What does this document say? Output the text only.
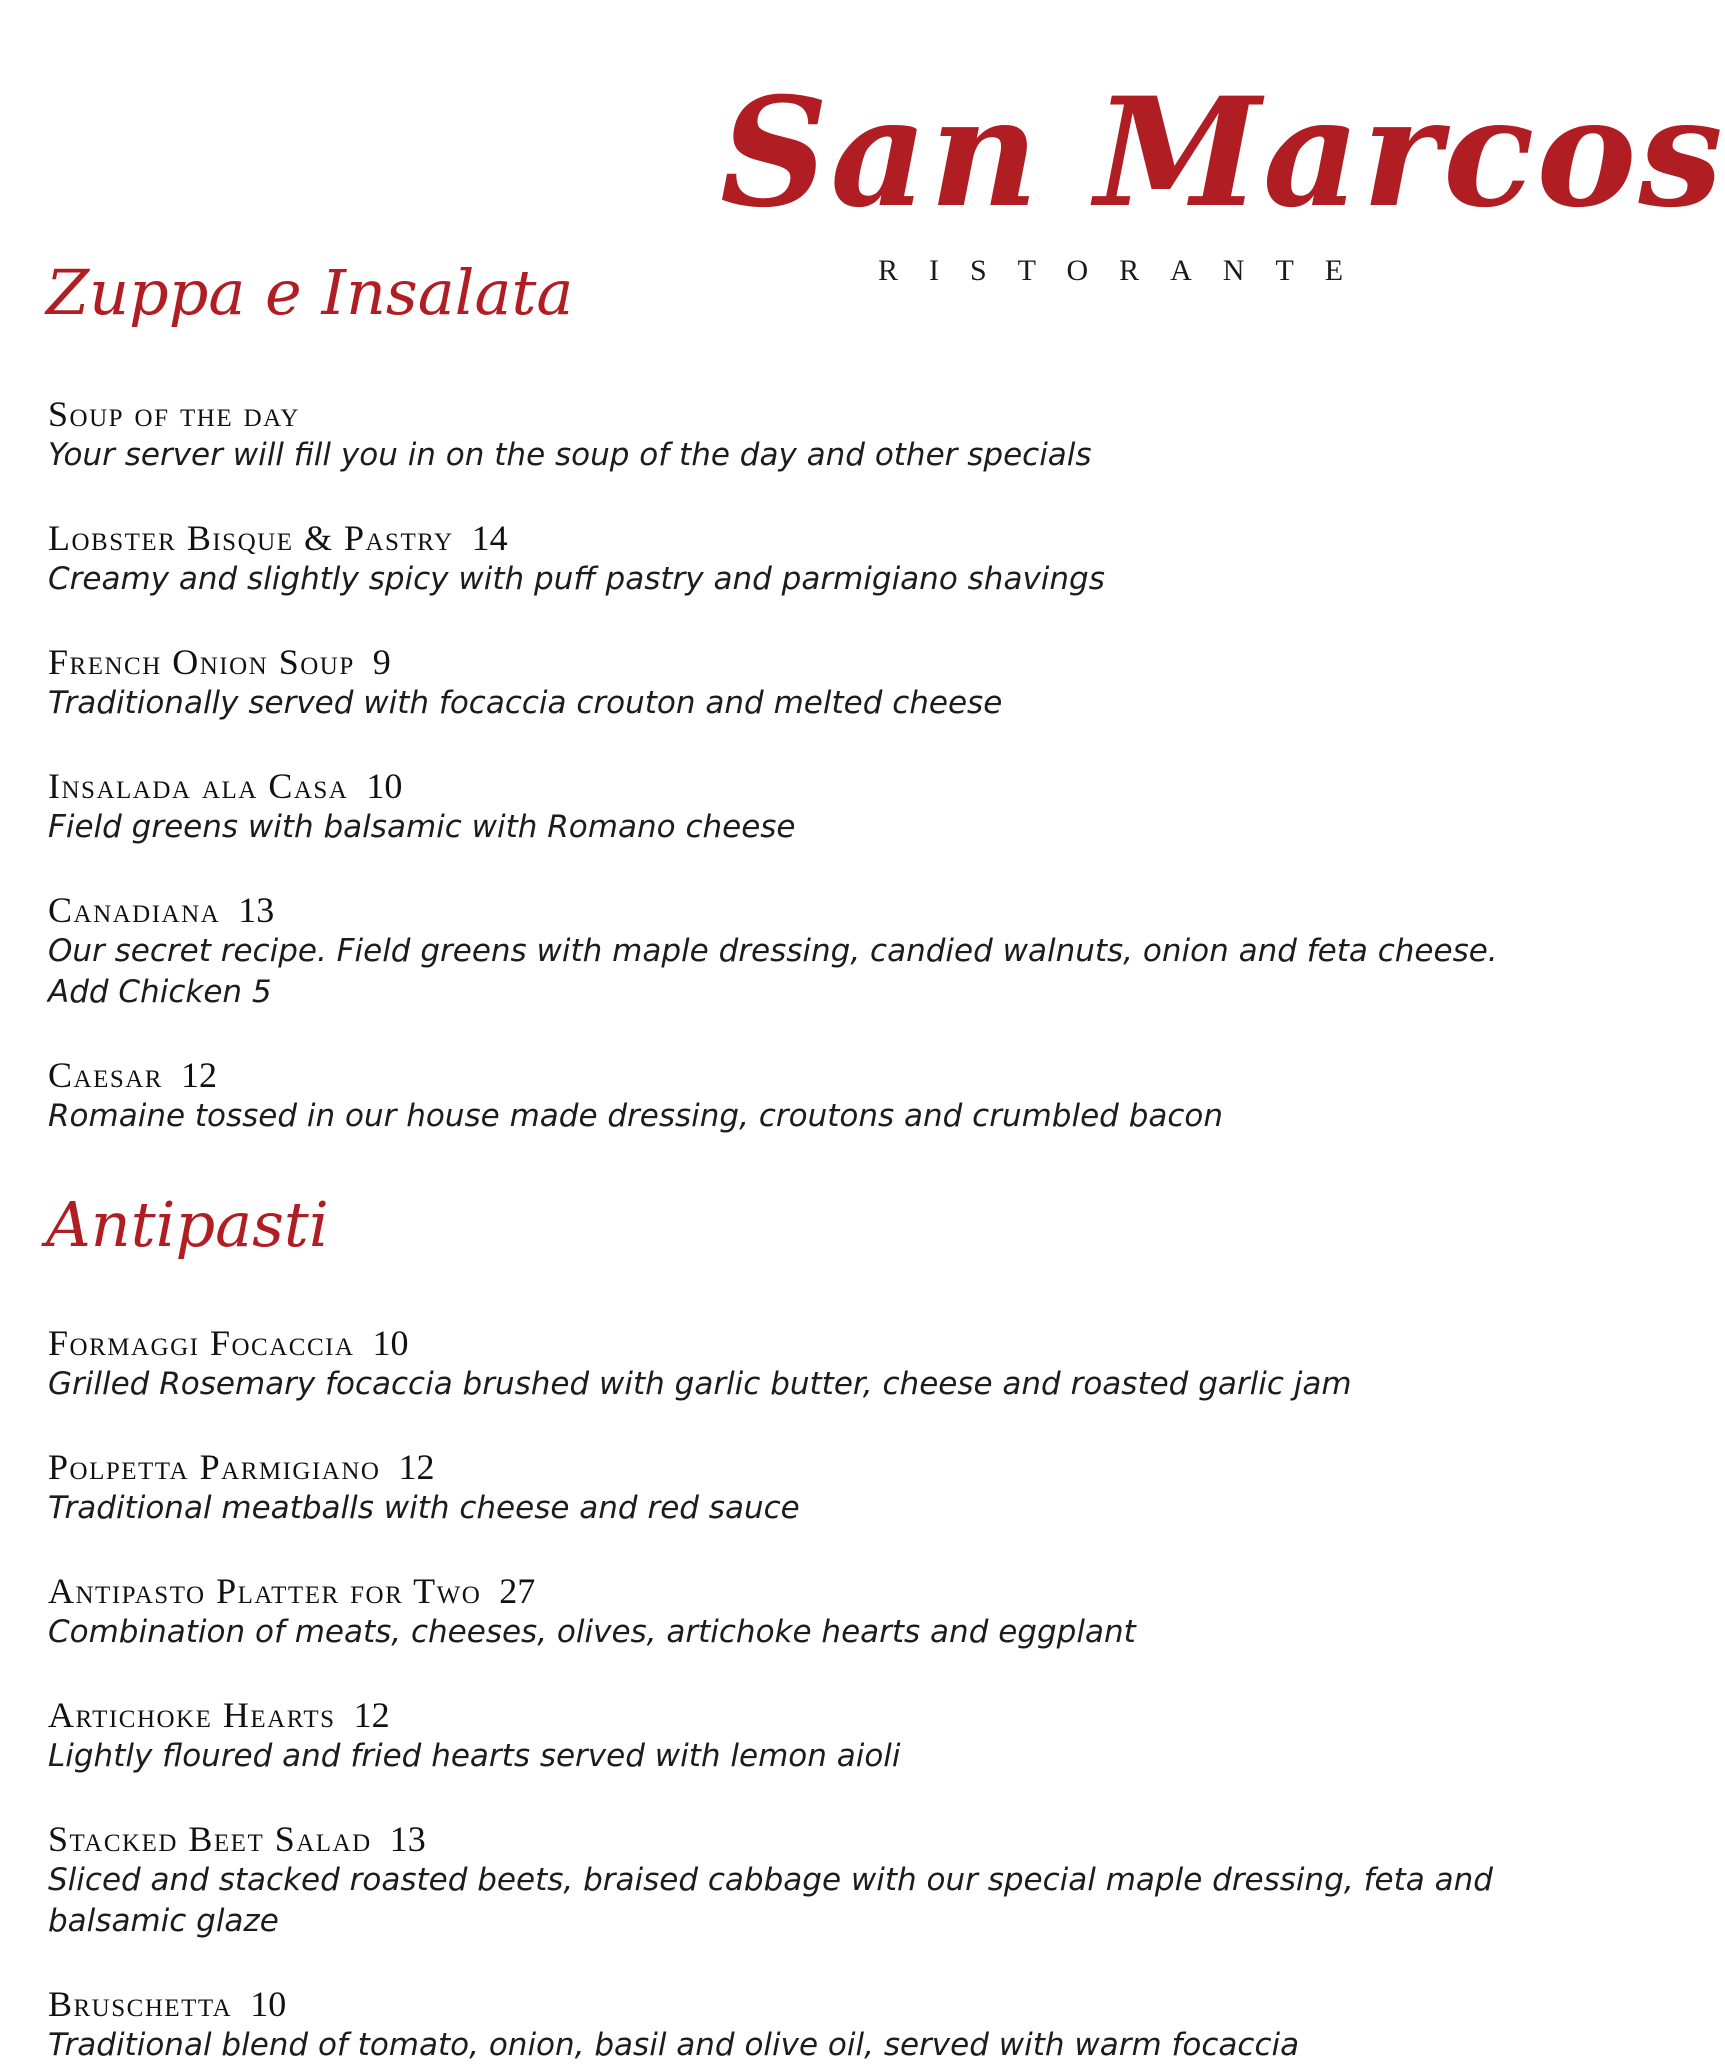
San Marcos
RISTORANTE
Zuppa e Insalata
Soup of the day
Your server will fill you in on the soup of the day and other specials
Lobster Bisque & Pastry 14
Creamy and slightly spicy with puff pastry and parmigiano shavings
French Onion Soup 9
Traditionally served with focaccia crouton and melted cheese
Insalada ala Casa 10
Field greens with balsamic with Romano cheese
Canadiana 13
Our secret recipe. Field greens with maple dressing, candied walnuts, onion and feta cheese. Add Chicken 5
Caesar 12
Romaine tossed in our house made dressing, croutons and crumbled bacon
Antipasti
Formaggi Focaccia 10
Grilled Rosemary focaccia brushed with garlic butter, cheese and roasted garlic jam
Polpetta Parmigiano 12
Traditional meatballs with cheese and red sauce
Antipasto Platter for Two 27
Combination of meats, cheeses, olives, artichoke hearts and eggplant
Artichoke Hearts 12
Lightly floured and fried hearts served with lemon aioli
Stacked Beet Salad 13
Sliced and stacked roasted beets, braised cabbage with our special maple dressing, feta and balsamic glaze
Bruschetta 10
Traditional blend of tomato, onion, basil and olive oil, served with warm focaccia
